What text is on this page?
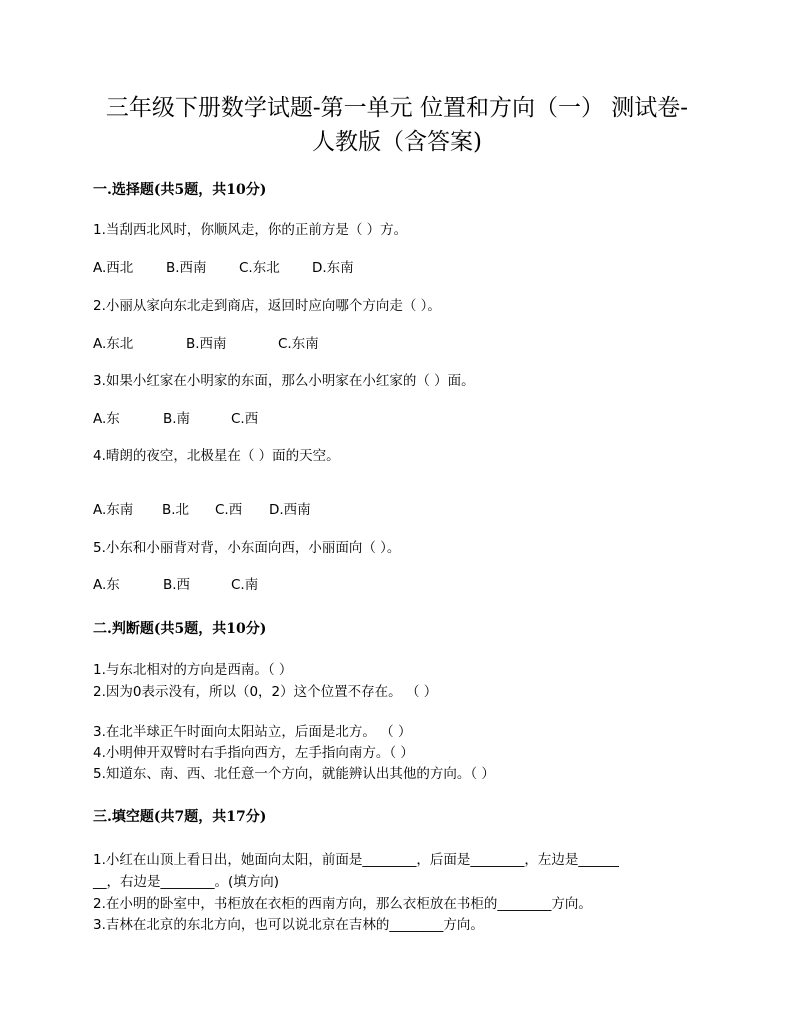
三年级下册数学试题-第一单元 位置和方向（一） 测试卷-
人教版（含答案)
一.选择题(共5题，共10分)
1.当刮西北风时，你顺风走，你的正前方是（ ）方。
A.西北 B.西南 C.东北 D.东南
2.小丽从家向东北走到商店，返回时应向哪个方向走（ ）。
A.东北	B.西南	C.东南
3.如果小红家在小明家的东面，那么小明家在小红家的（ ）面。
A.东	B.南	C.西
4.晴朗的夜空，北极星在（ ）面的天空。
A.东南 B.北 C.西 D.西南
5.小东和小丽背对背，小东面向西，小丽面向（ ）。
A.东	B.西	C.南
二.判断题(共5题，共10分)
1.与东北相对的方向是西南。（ ）
2.因为0表示没有，所以（0，2）这个位置不存在。 （ ）
3.在北半球正午时面向太阳站立，后面是北方。 （ ）
4.小明伸开双臂时右手指向西方，左手指向南方。（ ）
5.知道东、南、西、北任意一个方向，就能辨认出其他的方向。（ ）
三.填空题(共7题，共17分)
1.小红在山顶上看日出，她面向太阳，前面是________，后面是________，左边是______
__，右边是________。(填方向)
2.在小明的卧室中，书柜放在衣柜的西南方向，那么衣柜放在书柜的________方向。
3.吉林在北京的东北方向，也可以说北京在吉林的________方向。
